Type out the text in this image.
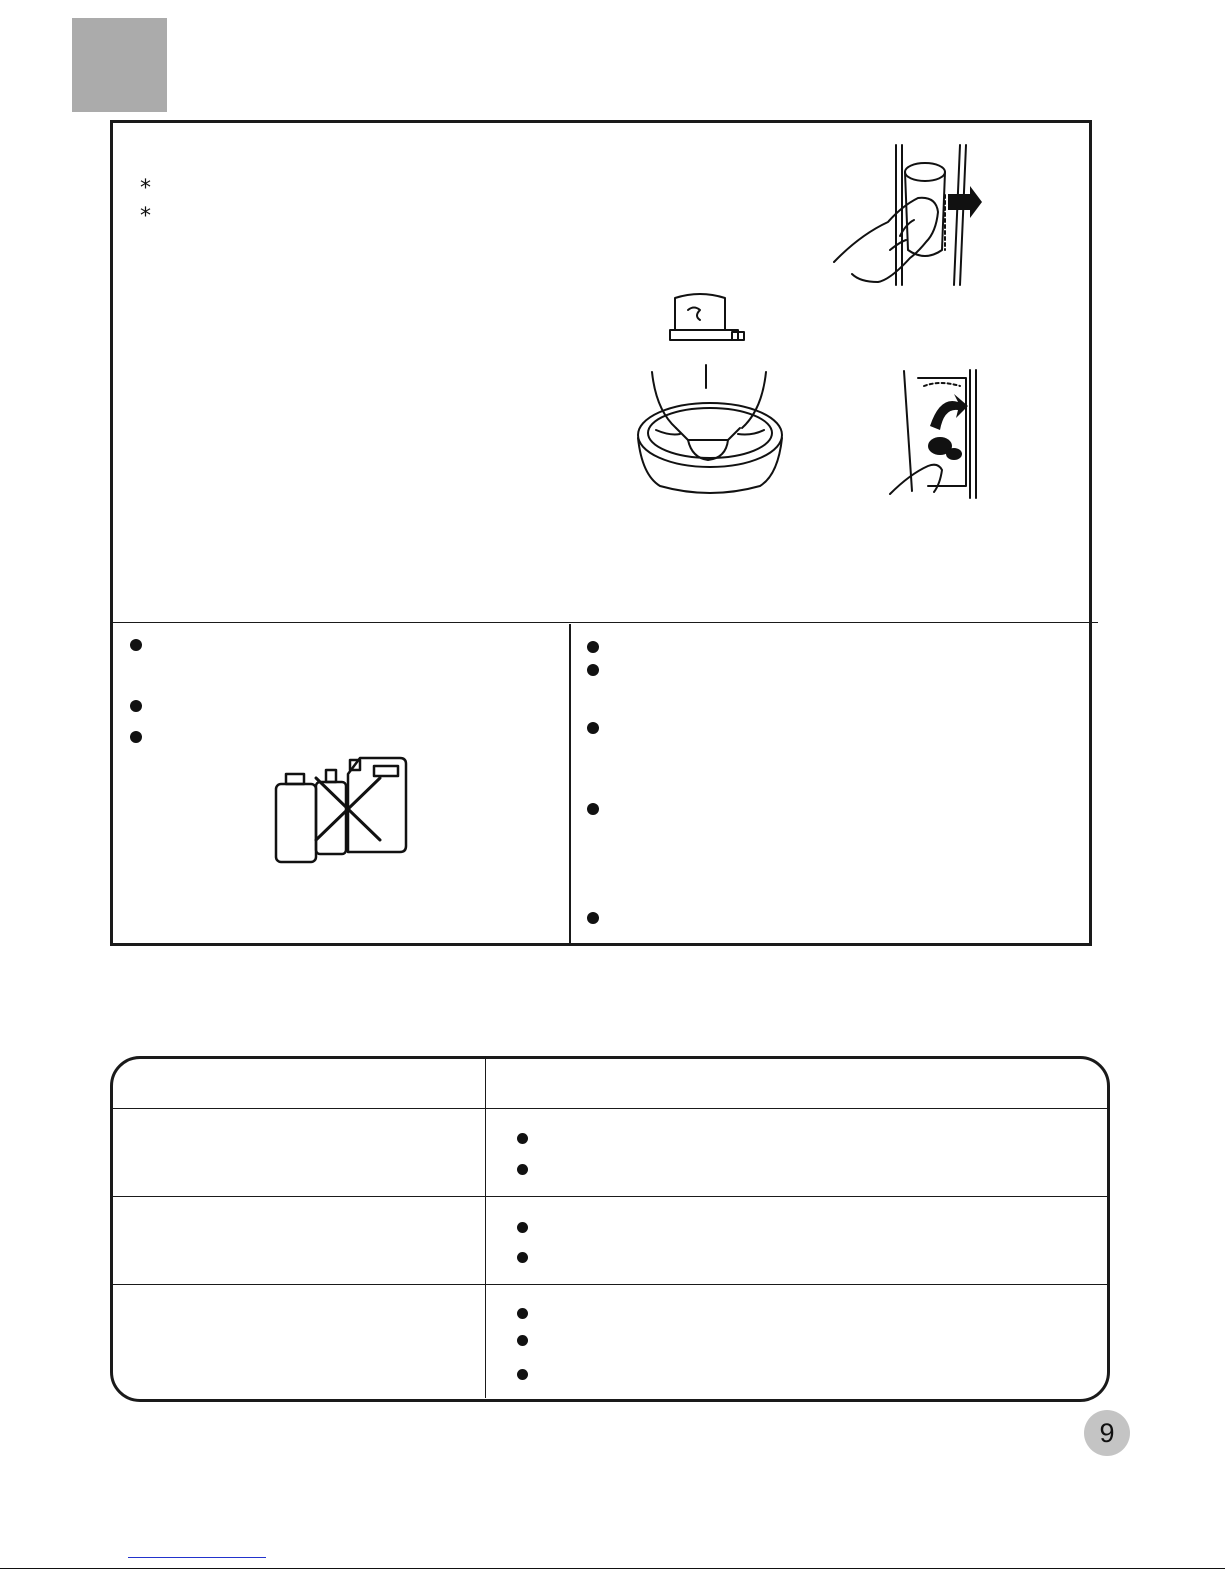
*
*
9
